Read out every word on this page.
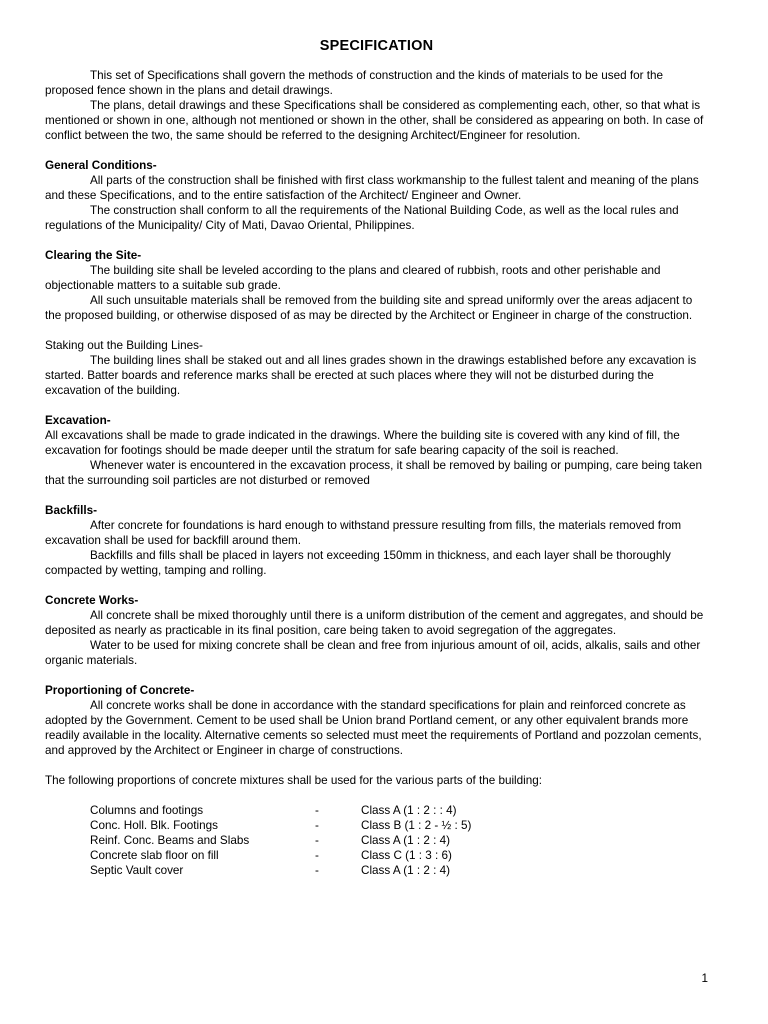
SPECIFICATION

This set of Specifications shall govern the methods of construction and the kinds of materials to be used for the proposed fence shown in the plans and detail drawings.

The plans, detail drawings and these Specifications shall be considered as complementing each, other, so that what is mentioned or shown in one, although not mentioned or shown in the other, shall be considered as appearing on both. In case of conflict between the two, the same should be referred to the designing Architect/Engineer for resolution.

General Conditions-

All parts of the construction shall be finished with first class workmanship to the fullest talent and meaning of the plans and these Specifications, and to the entire satisfaction of the Architect/ Engineer and Owner.

The construction shall conform to all the requirements of the National Building Code, as well as the local rules and regulations of the Municipality/ City of Mati, Davao Oriental, Philippines.

Clearing the Site-

The building site shall be leveled according to the plans and cleared of rubbish, roots and other perishable and objectionable matters to a suitable sub grade.

All such unsuitable materials shall be removed from the building site and spread uniformly over the areas adjacent to the proposed building, or otherwise disposed of as may be directed by the Architect or Engineer in charge of the construction.

Staking out the Building Lines-

The building lines shall be staked out and all lines grades shown in the drawings established before any excavation is started. Batter boards and reference marks shall be erected at such places where they will not be disturbed during the excavation of the building.

Excavation-

All excavations shall be made to grade indicated in the drawings. Where the building site is covered with any kind of fill, the excavation for footings should be made deeper until the stratum for safe bearing capacity of the soil is reached.

Whenever water is encountered in the excavation process, it shall be removed by bailing or pumping, care being taken that the surrounding soil particles are not disturbed or removed

Backfills-

After concrete for foundations is hard enough to withstand pressure resulting from fills, the materials removed from excavation shall be used for backfill around them.

Backfills and fills shall be placed in layers not exceeding 150mm in thickness, and each layer shall be thoroughly compacted by wetting, tamping and rolling.

Concrete Works-

All concrete shall be mixed thoroughly until there is a uniform distribution of the cement and aggregates, and should be deposited as nearly as practicable in its final position, care being taken to avoid segregation of the aggregates.

Water to be used for mixing concrete shall be clean and free from injurious amount of oil, acids, alkalis, sails and other organic materials.

Proportioning of Concrete-

All concrete works shall be done in accordance with the standard specifications for plain and reinforced concrete as adopted by the Government. Cement to be used shall be Union brand Portland cement, or any other equivalent brands more readily available in the locality. Alternative cements so selected must meet the requirements of Portland and pozzolan cements, and approved by the Architect or Engineer in charge of constructions.

The following proportions of concrete mixtures shall be used for the various parts of the building:

Columns and footings	-	Class A (1 : 2 : : 4)
Conc. Holl. Blk. Footings	-	Class B (1 : 2 - ½ : 5)
Reinf. Conc. Beams and Slabs	-	Class A (1 : 2 : 4)
Concrete slab floor on fill	-	Class C (1 : 3 : 6)
Septic Vault cover	-	Class A (1 : 2 : 4)
1
